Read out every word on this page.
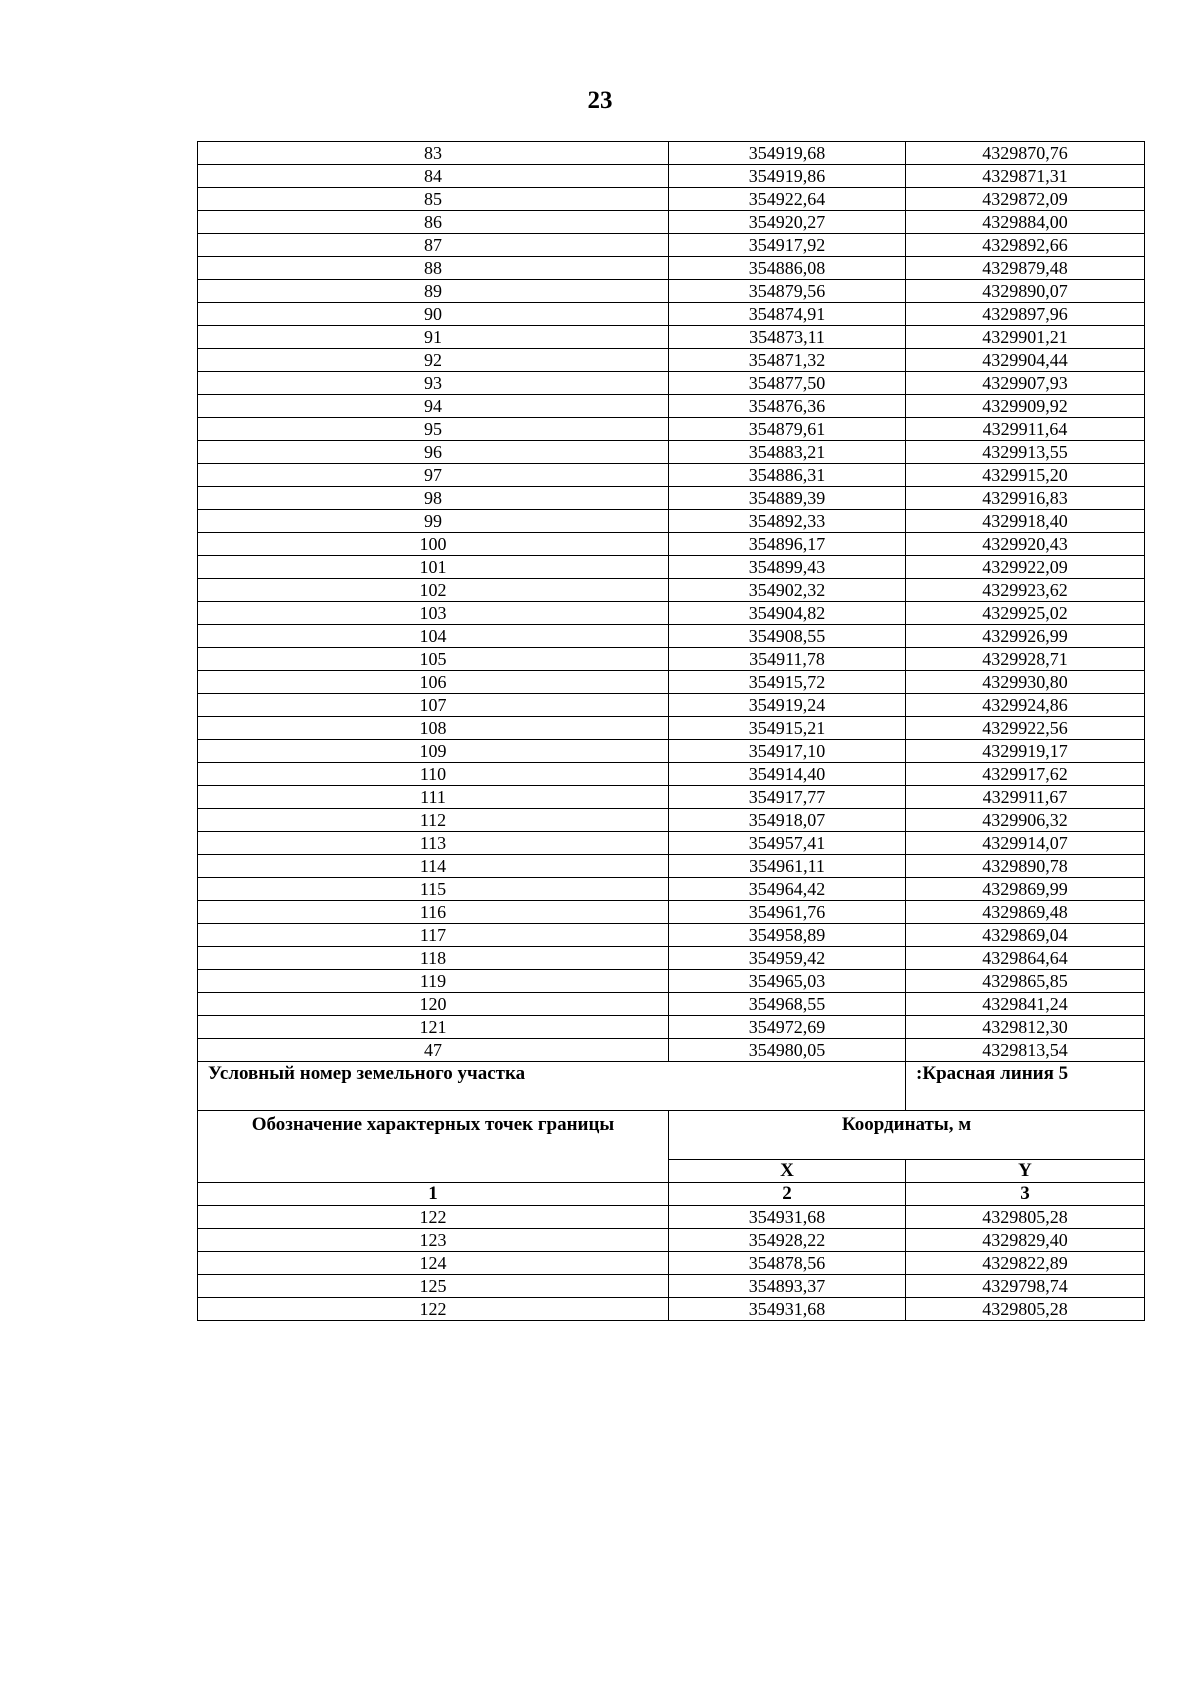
23
83	354919,68	4329870,76
84	354919,86	4329871,31
85	354922,64	4329872,09
86	354920,27	4329884,00
87	354917,92	4329892,66
88	354886,08	4329879,48
89	354879,56	4329890,07
90	354874,91	4329897,96
91	354873,11	4329901,21
92	354871,32	4329904,44
93	354877,50	4329907,93
94	354876,36	4329909,92
95	354879,61	4329911,64
96	354883,21	4329913,55
97	354886,31	4329915,20
98	354889,39	4329916,83
99	354892,33	4329918,40
100	354896,17	4329920,43
101	354899,43	4329922,09
102	354902,32	4329923,62
103	354904,82	4329925,02
104	354908,55	4329926,99
105	354911,78	4329928,71
106	354915,72	4329930,80
107	354919,24	4329924,86
108	354915,21	4329922,56
109	354917,10	4329919,17
110	354914,40	4329917,62
111	354917,77	4329911,67
112	354918,07	4329906,32
113	354957,41	4329914,07
114	354961,11	4329890,78
115	354964,42	4329869,99
116	354961,76	4329869,48
117	354958,89	4329869,04
118	354959,42	4329864,64
119	354965,03	4329865,85
120	354968,55	4329841,24
121	354972,69	4329812,30
47	354980,05	4329813,54
Условный номер земельного участка		:Красная линия 5
Обозначение характерных точек границы	Координаты, м	
	X	Y
1	2	3
122	354931,68	4329805,28
123	354928,22	4329829,40
124	354878,56	4329822,89
125	354893,37	4329798,74
122	354931,68	4329805,28
